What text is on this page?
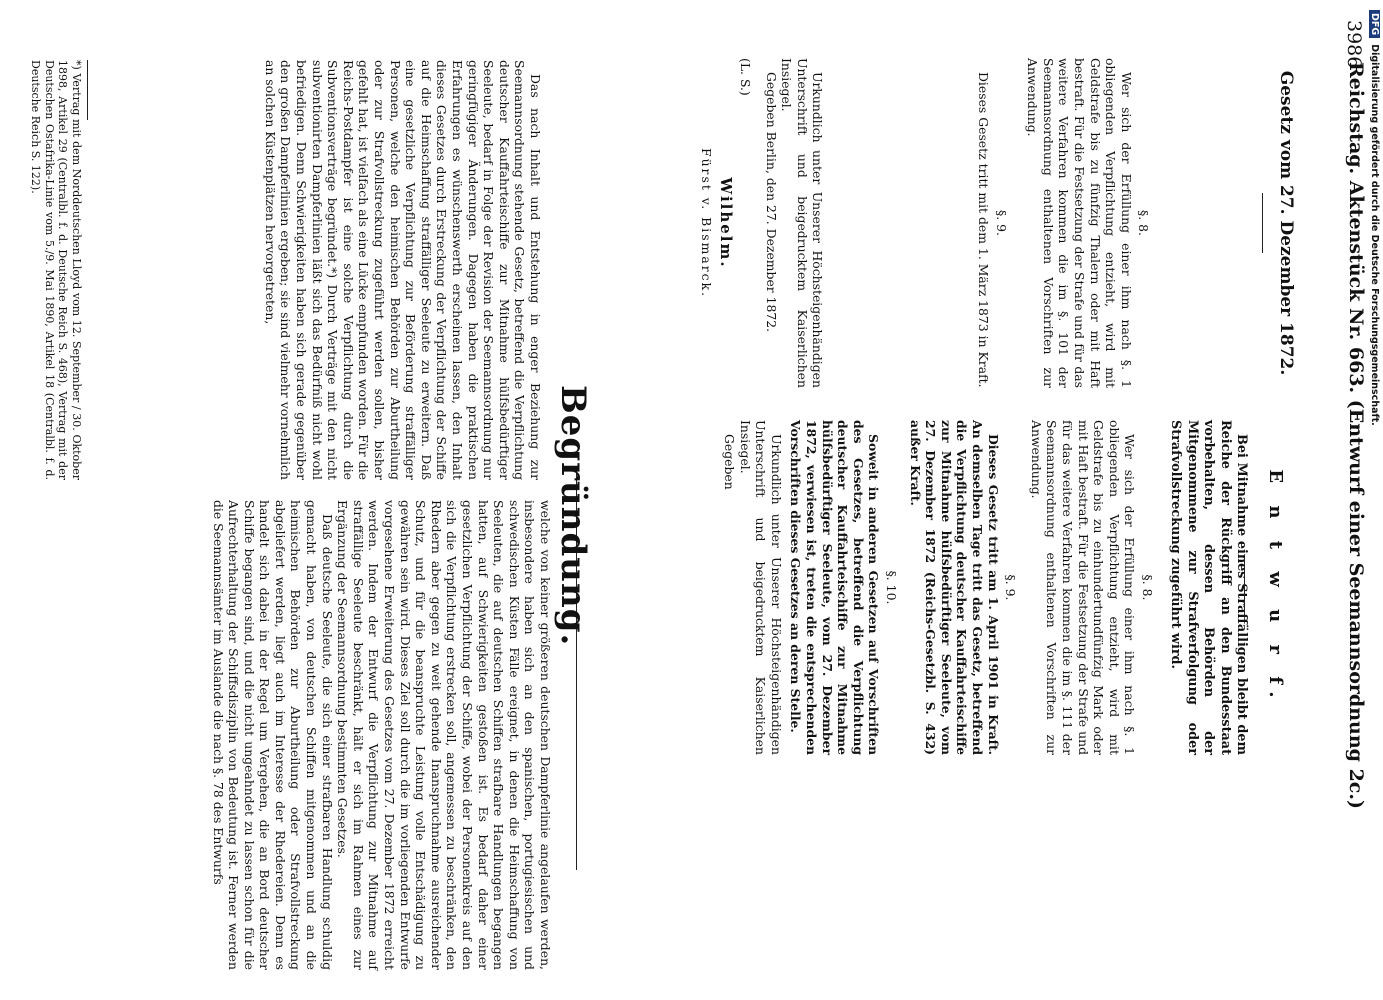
3986
Reichstag. Aktenstück Nr. 663. (Entwurf einer Seemannsordnung 2c.)
Gesetz vom 27. Dezember 1872.
§. 8.

Wer sich der Erfüllung einer ihm nach §. 1 obliegenden Verpflichtung entzieht, wird mit Geldstrafe bis zu fünfzig Thalern oder mit Haft bestraft. Für die Festsetzung der Strafe und für das weitere Verfahren kommen die im §. 101 der Seemannsordnung enthaltenen Vorschriften zur Anwendung.

§. 9.

Dieses Gesetz tritt mit dem 1. März 1873 in Kraft.

Urkundlich unter Unserer Höchsteigenhändigen Unterschrift und beigedrucktem Kaiserlichen Insiegel.

Gegeben Berlin, den 27. Dezember 1872.

(L. S.)

Wilhelm.
Fürst v. Bismarck.
E n t w u r f.

Bei Mitnahme eines Straffälligen bleibt dem Reiche der Rückgriff an den Bundesstaat vorbehalten, dessen Behörden der Mitgenommene zur Strafverfolgung oder Strafvollstreckung zugeführt wird.

§. 8.

Wer sich der Erfüllung einer ihm nach §. 1 obliegenden Verpflichtung entzieht, wird mit Geldstrafe bis zu einhundertundfünfzig Mark oder mit Haft bestraft. Für die Festsetzung der Strafe und für das weitere Verfahren kommen die im §. 111 der Seemannsordnung enthaltenen Vorschriften zur Anwendung.

§. 9.

Dieses Gesetz tritt am 1. April 1901 in Kraft. An demselben Tage tritt das Gesetz, betreffend die Verpflichtung deutscher Kauffahrteischiffe zur Mitnahme hülfsbedürftiger Seeleute, vom 27. Dezember 1872 (Reichs-Gesetzbl. S. 432) außer Kraft.

§. 10.

Soweit in anderen Gesetzen auf Vorschriften des Gesetzes, betreffend die Verpflichtung deutscher Kauffahrteischiffe zur Mitnahme hülfsbedürftiger Seeleute, vom 27. Dezember 1872, verwiesen ist, treten die entsprechenden Vorschriften dieses Gesetzes an deren Stelle.

Urkundlich unter Unserer Höchsteigenhändigen Unterschrift und beigedrucktem Kaiserlichen Insiegel.

Gegeben

Begründung.

Das nach Inhalt und Entstehung in enger Beziehung zur Seemannsordnung stehende Gesetz, betreffend die Verpflichtung deutscher Kauffahrteischiffe zur Mitnahme hülfsbedürftiger Seeleute, bedarf in Folge der Revision der Seemannsordnung nur geringfügiger Änderungen. Dagegen haben die praktischen Erfahrungen es wünschenswerth erscheinen lassen, den Inhalt dieses Gesetzes durch Erstreckung der Verpflichtung der Schiffe auf die Heimschaffung straffälliger Seeleute zu erweitern. Daß eine gesetzliche Verpflichtung zur Beförderung straffälliger Personen, welche den heimischen Behörden zur Aburtheilung oder zur Strafvollstreckung zugeführt werden sollen, bisher gefehlt hat, ist vielfach als eine Lücke empfunden worden. Für die Reichs-Postdampfer ist eine solche Verpflichtung durch die Subventionsverträge begründet.*) Durch Verträge mit den nicht subventionirten Dampferlinien läßt sich das Bedürfniß nicht wohl befriedigen. Denn Schwierigkeiten haben sich gerade gegenüber den großen Dampferlinien ergeben; sie sind vielmehr vornehmlich an solchen Küstenplätzen hervorgetreten,

welche von keiner größeren deutschen Dampferlinie angelaufen werden, insbesondere haben sich an den spanischen, portugiesischen und schwedischen Küsten Fälle ereignet, in denen die Heimschaffung von Seeleuten, die auf deutschen Schiffen strafbare Handlungen begangen hatten, auf Schwierigkeiten gestoßen ist. Es bedarf daher einer gesetzlichen Verpflichtung der Schiffe, wobei der Personenkreis auf den sich die Verpflichtung erstrecken soll, angemessen zu beschränken, den Rhedern aber gegen zu weit gehende Inanspruchnahme ausreichender Schutz, und für die beanspruchte Leistung volle Entschädigung zu gewähren sein wird. Dieses Ziel soll durch die im vorliegenden Entwurfe vorgesehene Erweiterung des Gesetzes vom 27. Dezember 1872 erreicht werden. Indem der Entwurf die Verpflichtung zur Mitnahme auf straffällige Seeleute beschränkt, hält er sich im Rahmen eines zur Ergänzung der Seemannsordnung bestimmten Gesetzes.

Daß deutsche Seeleute, die sich einer strafbaren Handlung schuldig gemacht haben, von deutschen Schiffen mitgenommen und an die heimischen Behörden zur Aburtheilung oder Strafvollstreckung abgeliefert werden, liegt auch im Interesse der Rhedereien. Denn es handelt sich dabei in der Regel um Vergehen, die an Bord deutscher Schiffe begangen sind, und die nicht ungeahndet zu lassen schon für die Aufrechterhaltung der Schiffsdisziplin von Bedeutung ist. Ferner werden die Seemannsämter im Auslande die nach §. 78 des Entwurfs

*) Vertrag mit dem Norddeutschen Lloyd vom 12. September / 30. Oktober 1898, Artikel 29 (Centralbl. f. d. Deutsche Reich S. 468), Vertrag mit der Deutschen Ostafrika-Linie vom 5./9. Mai 1890, Artikel 18 (Centralbl. f. d. Deutsche Reich S. 122).
DFGDigitalisierung gefördert durch die Deutsche Forschungsgemeinschaft.
